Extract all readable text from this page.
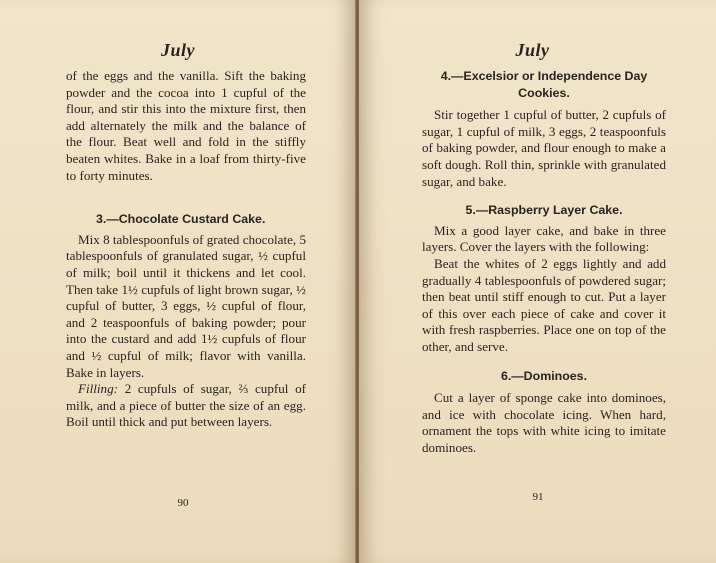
July

of the eggs and the vanilla. Sift the baking powder and the cocoa into 1 cupful of the flour, and stir this into the mixture first, then add alternately the milk and the balance of the flour. Beat well and fold in the stiffly beaten whites. Bake in a loaf from thirty-five to forty minutes.

3.—Chocolate Custard Cake.

Mix 8 tablespoonfuls of grated chocolate, 5 tablespoonfuls of granulated sugar, ½ cupful of milk; boil until it thickens and let cool. Then take 1½ cupfuls of light brown sugar, ½ cupful of butter, 3 eggs, ½ cupful of flour, and 2 teaspoonfuls of baking powder; pour into the custard and add 1½ cupfuls of flour and ½ cupful of milk; flavor with vanilla. Bake in layers.

Filling: 2 cupfuls of sugar, ⅔ cupful of milk, and a piece of butter the size of an egg. Boil until thick and put between layers.

90
July

4.—Excelsior or Independence Day Cookies.

Stir together 1 cupful of butter, 2 cupfuls of sugar, 1 cupful of milk, 3 eggs, 2 teaspoonfuls of baking powder, and flour enough to make a soft dough. Roll thin, sprinkle with granulated sugar, and bake.

5.—Raspberry Layer Cake.

Mix a good layer cake, and bake in three layers. Cover the layers with the following:

Beat the whites of 2 eggs lightly and add gradually 4 tablespoonfuls of powdered sugar; then beat until stiff enough to cut. Put a layer of this over each piece of cake and cover it with fresh raspberries. Place one on top of the other, and serve.

6.—Dominoes.

Cut a layer of sponge cake into dominoes, and ice with chocolate icing. When hard, ornament the tops with white icing to imitate dominoes.

91
